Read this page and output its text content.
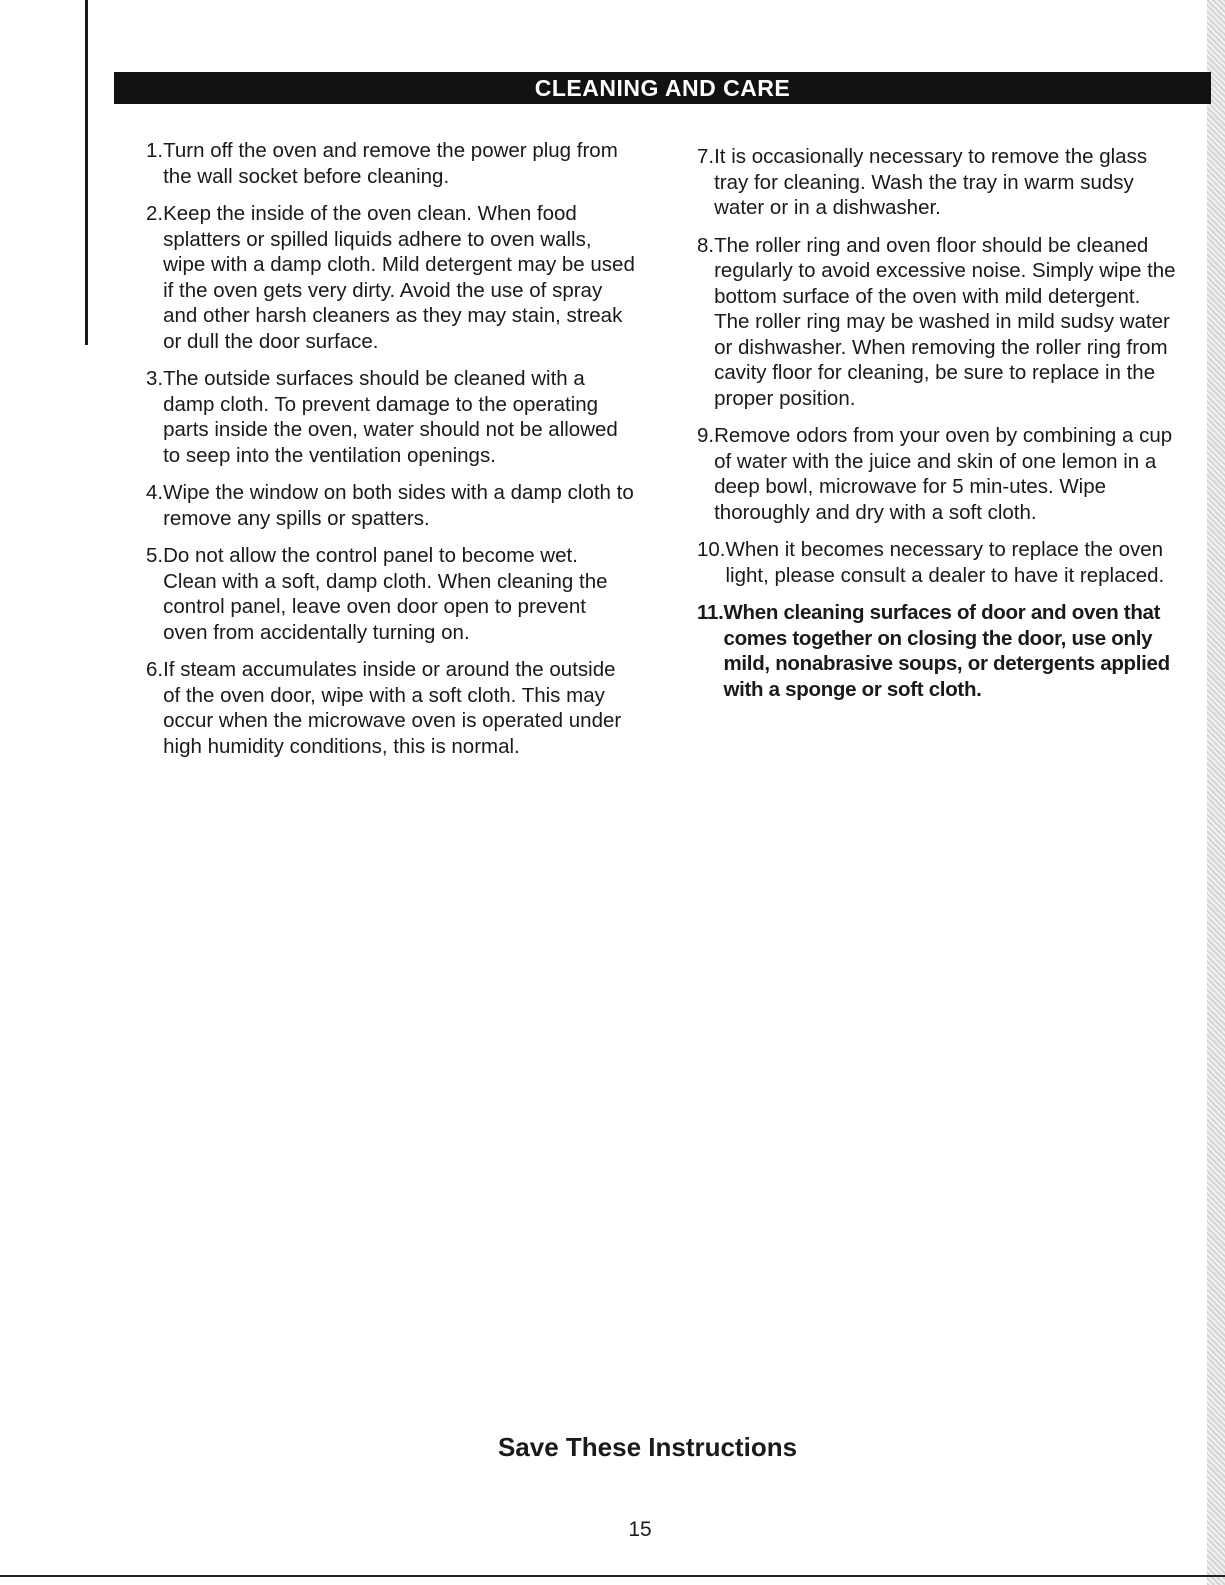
CLEANING AND CARE
1. Turn off the oven and remove the power plug from the wall socket before cleaning.
2. Keep the inside of the oven clean. When food splatters or spilled liquids adhere to oven walls, wipe with a damp cloth. Mild detergent may be used if the oven gets very dirty. Avoid the use of spray and other harsh cleaners as they may stain, streak or dull the door surface.
3. The outside surfaces should be cleaned with a damp cloth. To prevent damage to the operating parts inside the oven, water should not be allowed to seep into the ventilation openings.
4. Wipe the window on both sides with a damp cloth to remove any spills or spatters.
5. Do not allow the control panel to become wet. Clean with a soft, damp cloth. When cleaning the control panel, leave oven door open to prevent oven from accidentally turning on.
6. If steam accumulates inside or around the outside of the oven door, wipe with a soft cloth. This may occur when the microwave oven is operated under high humidity conditions, this is normal.
7. It is occasionally necessary to remove the glass tray for cleaning. Wash the tray in warm sudsy water or in a dishwasher.
8. The roller ring and oven floor should be cleaned regularly to avoid excessive noise. Simply wipe the bottom surface of the oven with mild detergent. The roller ring may be washed in mild sudsy water or dishwasher. When removing the roller ring from cavity floor for cleaning, be sure to replace in the proper position.
9. Remove odors from your oven by combining a cup of water with the juice and skin of one lemon in a deep bowl, microwave for 5 min-utes. Wipe thoroughly and dry with a soft cloth.
10. When it becomes necessary to replace the oven light, please consult a dealer to have it replaced.
11. When cleaning surfaces of door and oven that comes together on closing the door, use only mild, nonabrasive soups, or detergents applied with a sponge or soft cloth.
Save These Instructions
15
